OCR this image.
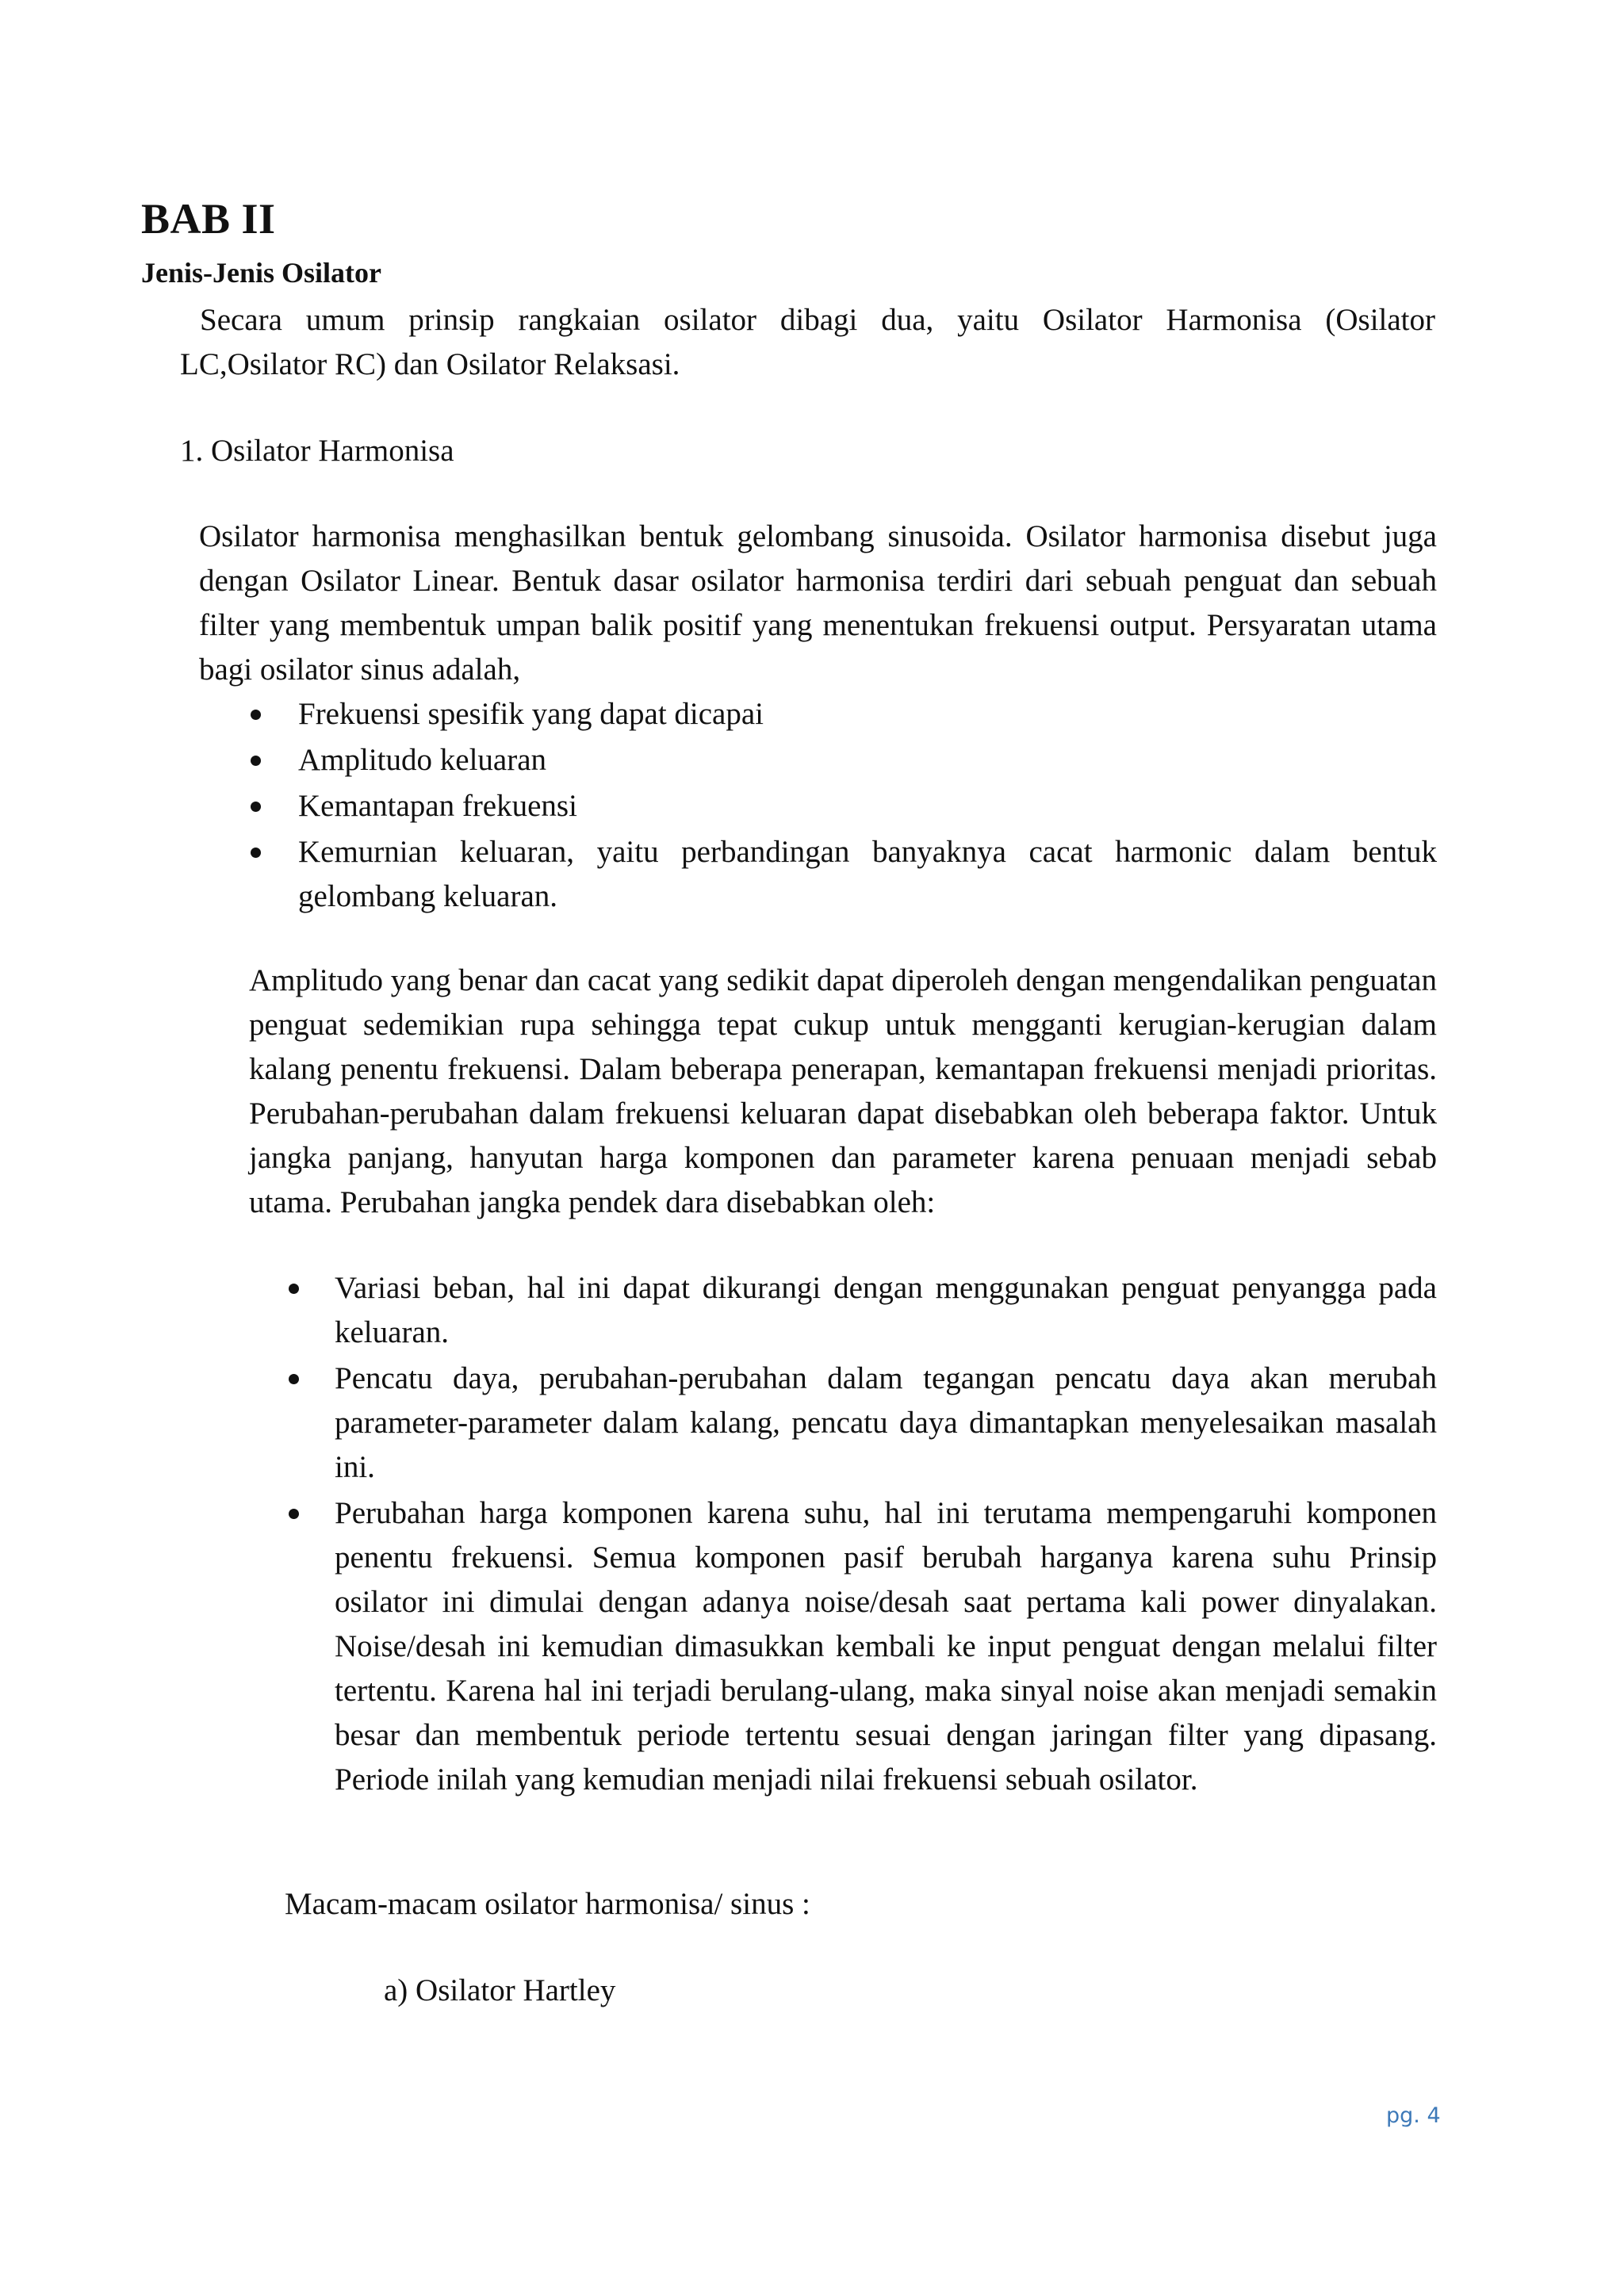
BAB II
Jenis-Jenis Osilator
Secara umum prinsip rangkaian osilator dibagi dua, yaitu Osilator Harmonisa (Osilator
LC,Osilator RC) dan Osilator Relaksasi.
1. Osilator Harmonisa
Osilator harmonisa menghasilkan bentuk gelombang sinusoida. Osilator harmonisa disebut juga dengan Osilator Linear. Bentuk dasar osilator harmonisa terdiri dari sebuah penguat dan sebuah filter yang membentuk umpan balik positif yang menentukan frekuensi output. Persyaratan utama bagi osilator sinus adalah,
Frekuensi spesifik yang dapat dicapai
Amplitudo keluaran
Kemantapan frekuensi
Kemurnian keluaran, yaitu perbandingan banyaknya cacat harmonic dalam bentuk gelombang keluaran.
Amplitudo yang benar dan cacat yang sedikit dapat diperoleh dengan mengendalikan penguatan penguat sedemikian rupa sehingga tepat cukup untuk mengganti kerugian-kerugian dalam kalang penentu frekuensi. Dalam beberapa penerapan, kemantapan frekuensi menjadi prioritas. Perubahan-perubahan dalam frekuensi keluaran dapat disebabkan oleh beberapa faktor. Untuk jangka panjang, hanyutan harga komponen dan parameter karena penuaan menjadi sebab utama. Perubahan jangka pendek dara disebabkan oleh:
Variasi beban, hal ini dapat dikurangi dengan menggunakan penguat penyangga pada keluaran.
Pencatu daya, perubahan-perubahan dalam tegangan pencatu daya akan merubah parameter-parameter dalam kalang, pencatu daya dimantapkan menyelesaikan masalah ini.
Perubahan harga komponen karena suhu, hal ini terutama mempengaruhi komponen penentu frekuensi. Semua komponen pasif berubah harganya karena suhu Prinsip osilator ini dimulai dengan adanya noise/desah saat pertama kali power dinyalakan. Noise/desah ini kemudian dimasukkan kembali ke input penguat dengan melalui filter tertentu. Karena hal ini terjadi berulang-ulang, maka sinyal noise akan menjadi semakin besar dan membentuk periode tertentu sesuai dengan jaringan filter yang dipasang. Periode inilah yang kemudian menjadi nilai frekuensi sebuah osilator.
Macam-macam osilator harmonisa/ sinus :
a) Osilator Hartley
pg. 4
